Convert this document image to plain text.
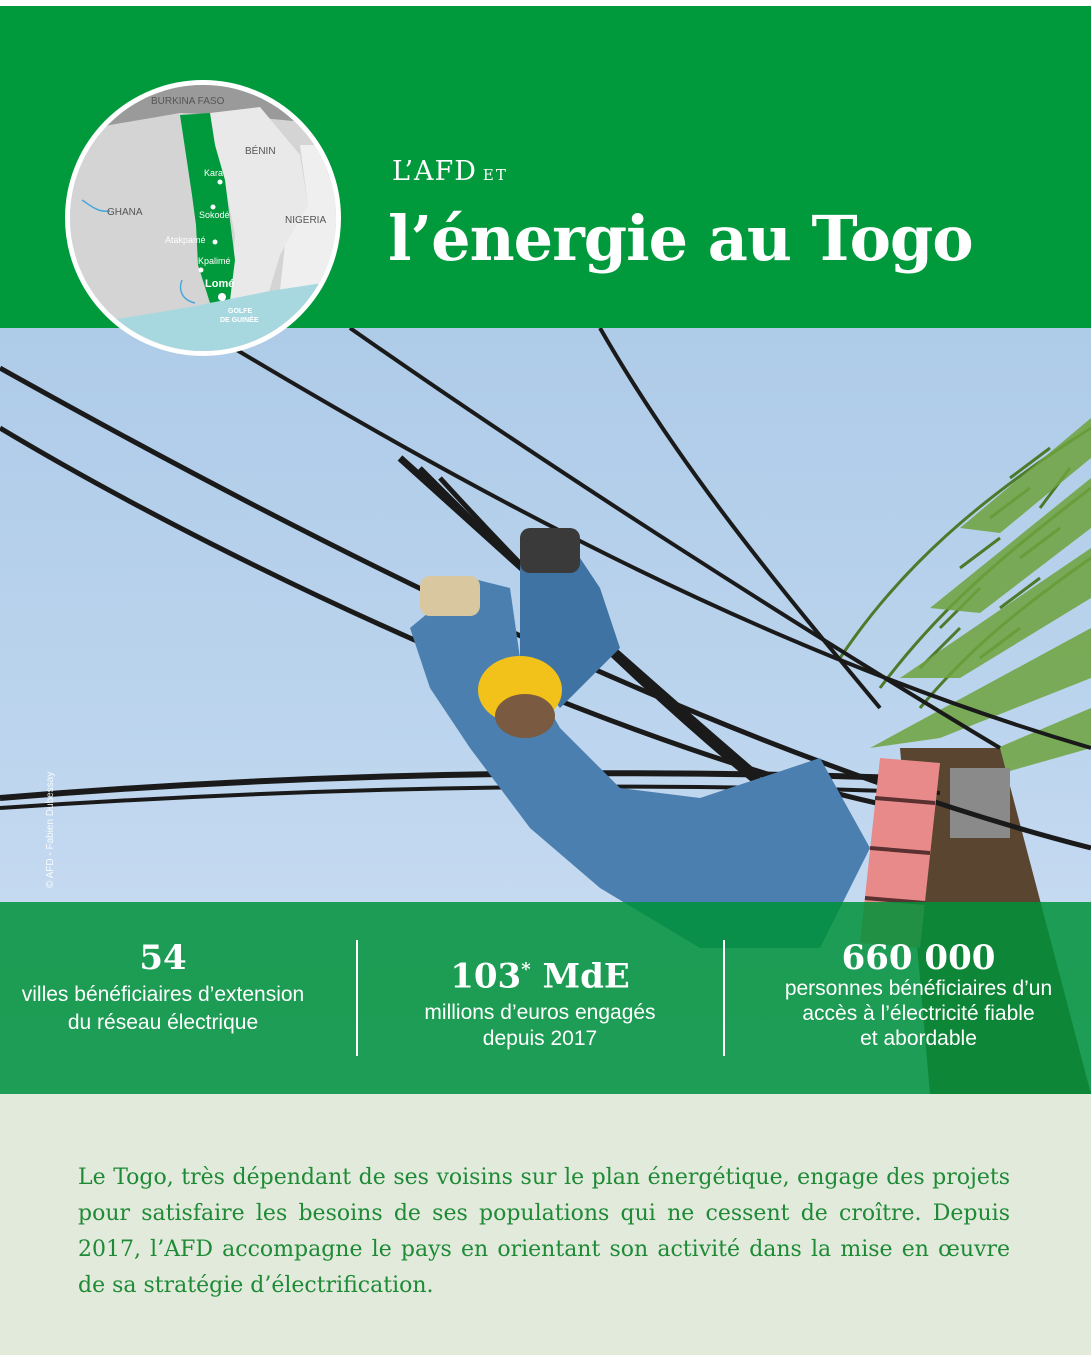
L’AFD ET
l’énergie au Togo
BURKINA FASO
BÉNIN
GHANA
NIGERIA
Kara
Sokodé
Atakpamé
Kpalimé
Lomé
GOLFE
DE GUINÉE
© AFD - Fabien Dubessay
54
villes bénéficiaires d’extension
du réseau électrique
103* MdE
millions d’euros engagés
depuis 2017
660 000
personnes bénéficiaires d’un
accès à l’électricité fiable
et abordable

Le Togo, très dépendant de ses voisins sur le plan énergétique, engage des projets pour satisfaire les besoins de ses populations qui ne cessent de croître. Depuis 2017, l’AFD accompagne le pays en orientant son activité dans la mise en œuvre de sa stratégie d’électrification.
